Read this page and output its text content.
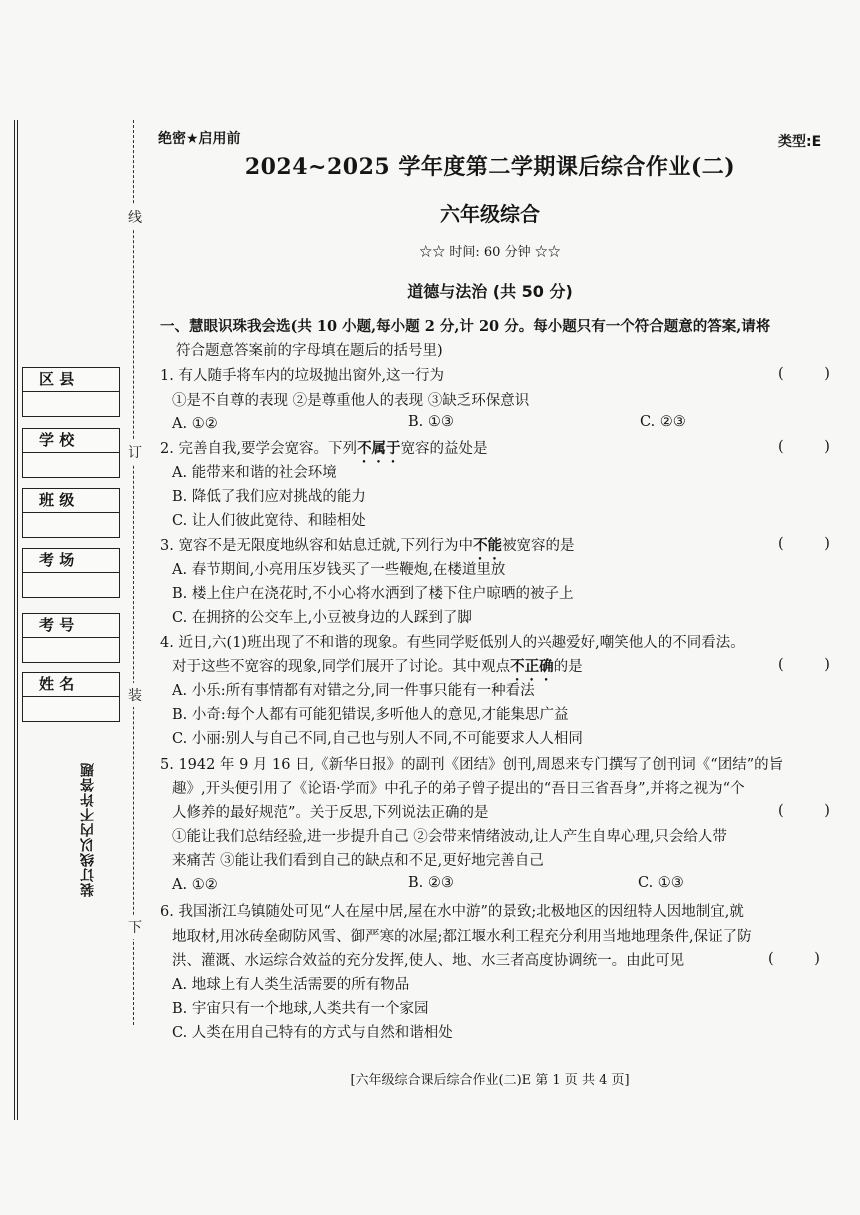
区 县
学 校
班 级
考 场
考 号
姓 名
线
订
装
下
装订线以内不许答题
绝密★启用前	类型:E
2024~2025 学年度第二学期课后综合作业(二)
六年级综合
☆☆ 时间: 60 分钟 ☆☆
道德与法治 (共 50 分)
一、慧眼识珠我会选(共 10 小题,每小题 2 分,计 20 分。每小题只有一个符合题意的答案,请将
符合题意答案前的字母填在题后的括号里)
1. 有人随手将车内的垃圾抛出窗外,这一行为	( )
①是不自尊的表现 ②是尊重他人的表现 ③缺乏环保意识
A. ①②	B. ①③	C. ②③
2. 完善自我,要学会宽容。下列不属于宽容的益处是	( )
A. 能带来和谐的社会环境
B. 降低了我们应对挑战的能力
C. 让人们彼此宽待、和睦相处
3. 宽容不是无限度地纵容和姑息迁就,下列行为中不能被宽容的是	( )
A. 春节期间,小亮用压岁钱买了一些鞭炮,在楼道里放
B. 楼上住户在浇花时,不小心将水洒到了楼下住户晾晒的被子上
C. 在拥挤的公交车上,小豆被身边的人踩到了脚
4. 近日,六(1)班出现了不和谐的现象。有些同学贬低别人的兴趣爱好,嘲笑他人的不同看法。
对于这些不宽容的现象,同学们展开了讨论。其中观点不正确的是	( )
A. 小乐:所有事情都有对错之分,同一件事只能有一种看法
B. 小奇:每个人都有可能犯错误,多听他人的意见,才能集思广益
C. 小丽:别人与自己不同,自己也与别人不同,不可能要求人人相同
5. 1942 年 9 月 16 日,《新华日报》的副刊《团结》创刊,周恩来专门撰写了创刊词《“团结”的旨
趣》,开头便引用了《论语·学而》中孔子的弟子曾子提出的“吾日三省吾身”,并将之视为“个
人修养的最好规范”。关于反思,下列说法正确的是	( )
①能让我们总结经验,进一步提升自己 ②会带来情绪波动,让人产生自卑心理,只会给人带
来痛苦 ③能让我们看到自己的缺点和不足,更好地完善自己
A. ①②	B. ②③	C. ①③
6. 我国浙江乌镇随处可见“人在屋中居,屋在水中游”的景致;北极地区的因纽特人因地制宜,就
地取材,用冰砖垒砌防风雪、御严寒的冰屋;都江堰水利工程充分利用当地地理条件,保证了防
洪、灌溉、水运综合效益的充分发挥,使人、地、水三者高度协调统一。由此可见	( )
A. 地球上有人类生活需要的所有物品
B. 宇宙只有一个地球,人类共有一个家园
C. 人类在用自己特有的方式与自然和谐相处
[六年级综合课后综合作业(二)E 第 1 页 共 4 页]
